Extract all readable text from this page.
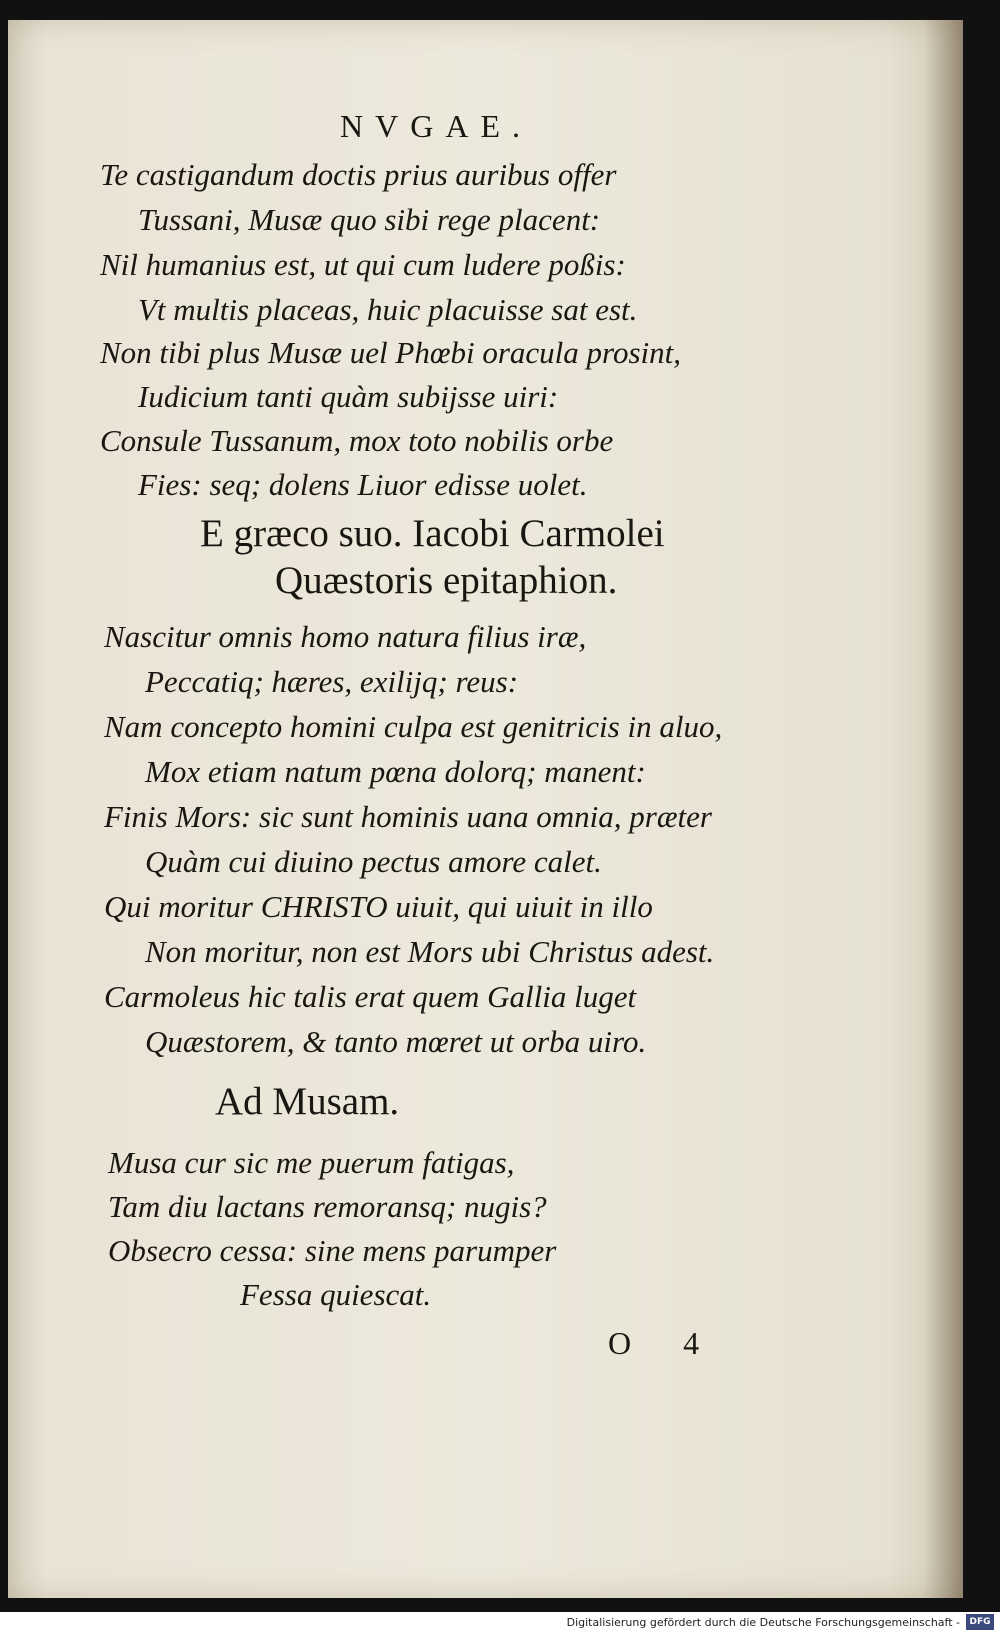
NVGAE.
Te castigandum doctis prius auribus offer
Tussani, Musæ quo sibi rege placent:
Nil humanius est, ut qui cum ludere poßis:
Vt multis placeas, huic placuisse sat est.
Non tibi plus Musæ uel Phœbi oracula prosint,
Iudicium tanti quàm subijsse uiri:
Consule Tussanum, mox toto nobilis orbe
Fies: seq; dolens Liuor edisse uolet.
E græco suo. Iacobi Carmolei
Quæstoris epitaphion.
Nascitur omnis homo natura filius iræ,
Peccatiq; hæres, exilijq; reus:
Nam concepto homini culpa est genitricis in aluo,
Mox etiam natum pœna dolorq; manent:
Finis Mors: sic sunt hominis uana omnia, præter
Quàm cui diuino pectus amore calet.
Qui moritur CHRISTO uiuit, qui uiuit in illo
Non moritur, non est Mors ubi Christus adest.
Carmoleus hic talis erat quem Gallia luget
Quæstorem, & tanto mœret ut orba uiro.
Ad Musam.
Musa cur sic me puerum fatigas,
Tam diu lactans remoransq; nugis?
Obsecro cessa: sine mens parumper
Fessa quiescat.
O 4
Digitalisierung gefördert durch die Deutsche Forschungsgemeinschaft -	DFG
